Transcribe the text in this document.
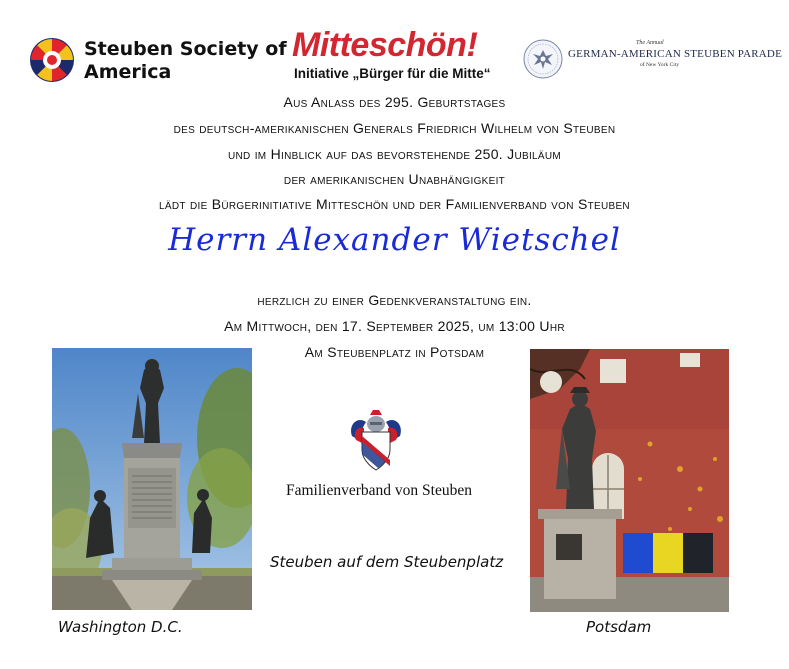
Steuben Society of
America
Mitteschön!
Initiative „Bürger für die Mitte“
The Annual
GERMAN-AMERICAN STEUBEN PARADE
of New York City
Aus Anlass des 295. Geburtstages
des deutsch-amerikanischen Generals Friedrich Wilhelm von Steuben
und im Hinblick auf das bevorstehende 250. Jubiläum
der amerikanischen Unabhängigkeit
lädt die Bürgerinitiative Mitteschön und der Familienverband von Steuben
Herrn Alexander Wietschel
herzlich zu einer Gedenkveranstaltung ein.
Am Mittwoch, den 17. September 2025, um 13:00 Uhr
Am Steubenplatz in Potsdam
Familienverband von Steuben
Steuben auf dem Steubenplatz
Washington D.C.	Potsdam
